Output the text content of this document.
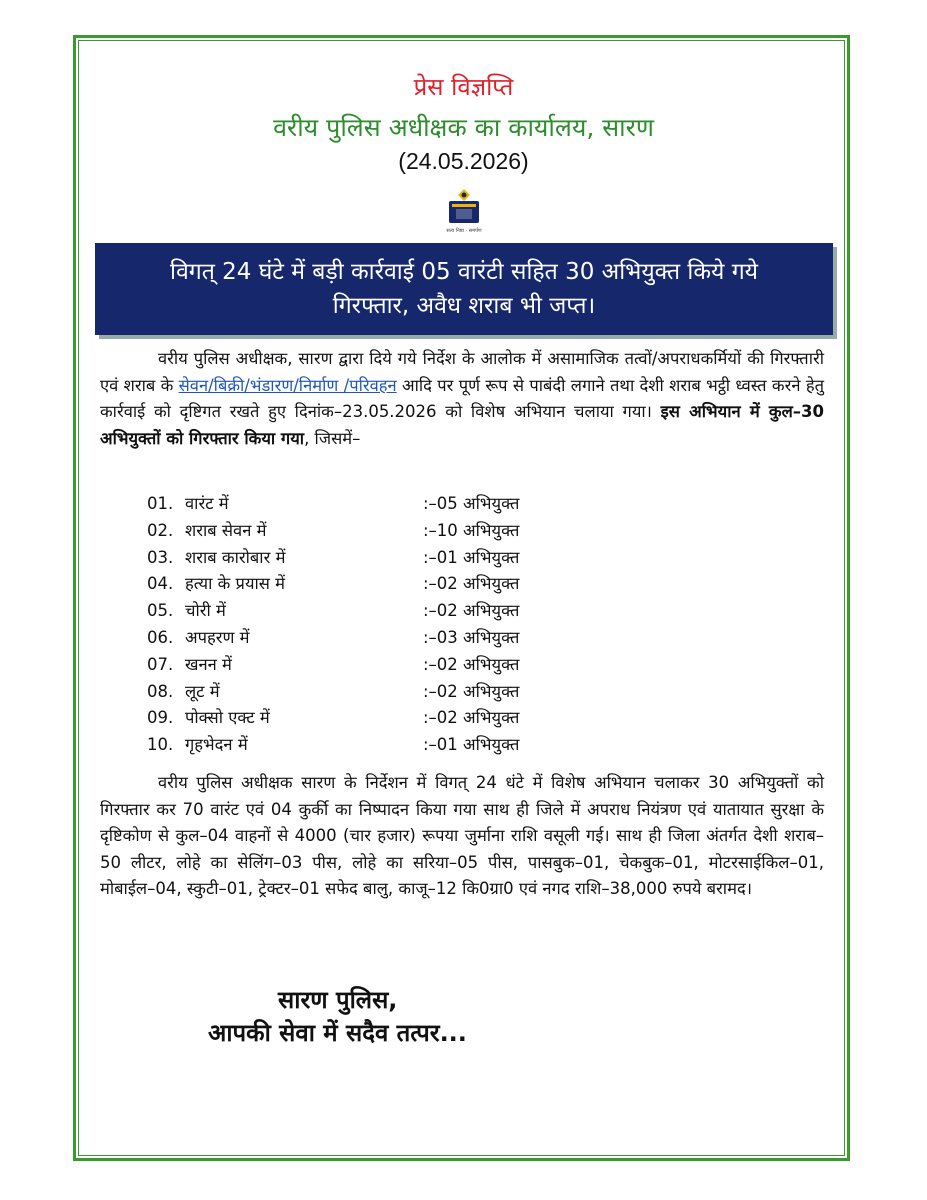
प्रेस विज्ञप्ति
वरीय पुलिस अधीक्षक का कार्यालय, सारण
(24.05.2026)
सत्य निष्ठा · समर्पण
विगत् 24 घंटे में बड़ी कार्रवाई 05 वारंटी सहित 30 अभियुक्त किये गये
गिरफ्तार, अवैध शराब भी जप्त।
वरीय पुलिस अधीक्षक, सारण द्वारा दिये गये निर्देश के आलोक में असामाजिक तत्वों/अपराधकर्मियों की गिरफ्तारी एवं शराब के सेवन/बिक्री/भंडारण/निर्माण /परिवहन आदि पर पूर्ण रूप से पाबंदी लगाने तथा देशी शराब भट्ठी ध्वस्त करने हेतु कार्रवाई को दृष्टिगत रखते हुए दिनांक–23.05.2026 को विशेष अभियान चलाया गया। इस अभियान में कुल–30 अभियुक्तों को गिरफ्तार किया गया, जिसमें–
01. वारंट में	:–05 अभियुक्त
02. शराब सेवन में	:–10 अभियुक्त
03. शराब कारोबार में	:–01 अभियुक्त
04. हत्या के प्रयास में	:–02 अभियुक्त
05. चोरी में	:–02 अभियुक्त
06. अपहरण में	:–03 अभियुक्त
07. खनन में	:–02 अभियुक्त
08. लूट में	:–02 अभियुक्त
09. पोक्सो एक्ट में	:–02 अभियुक्त
10. गृहभेदन में	:–01 अभियुक्त
वरीय पुलिस अधीक्षक सारण के निर्देशन में विगत् 24 धंटे में विशेष अभियान चलाकर 30 अभियुक्तों को गिरफ्तार कर 70 वारंट एवं 04 कुर्की का निष्पादन किया गया साथ ही जिले में अपराध नियंत्रण एवं यातायात सुरक्षा के दृष्टिकोण से कुल–04 वाहनों से 4000 (चार हजार) रूपया जुर्माना राशि वसूली गई। साथ ही जिला अंतर्गत देशी शराब–50 लीटर, लोहे का सेलिंग–03 पीस, लोहे का सरिया–05 पीस, पासबुक–01, चेकबुक–01, मोटरसाईकिल–01, मोबाईल–04, स्कुटी–01, ट्रेक्टर–01 सफेद बालु, काजू–12 कि0ग्रा0 एवं नगद राशि–38,000 रुपये बरामद।
सारण पुलिस,
आपकी सेवा में सदैव तत्पर...
